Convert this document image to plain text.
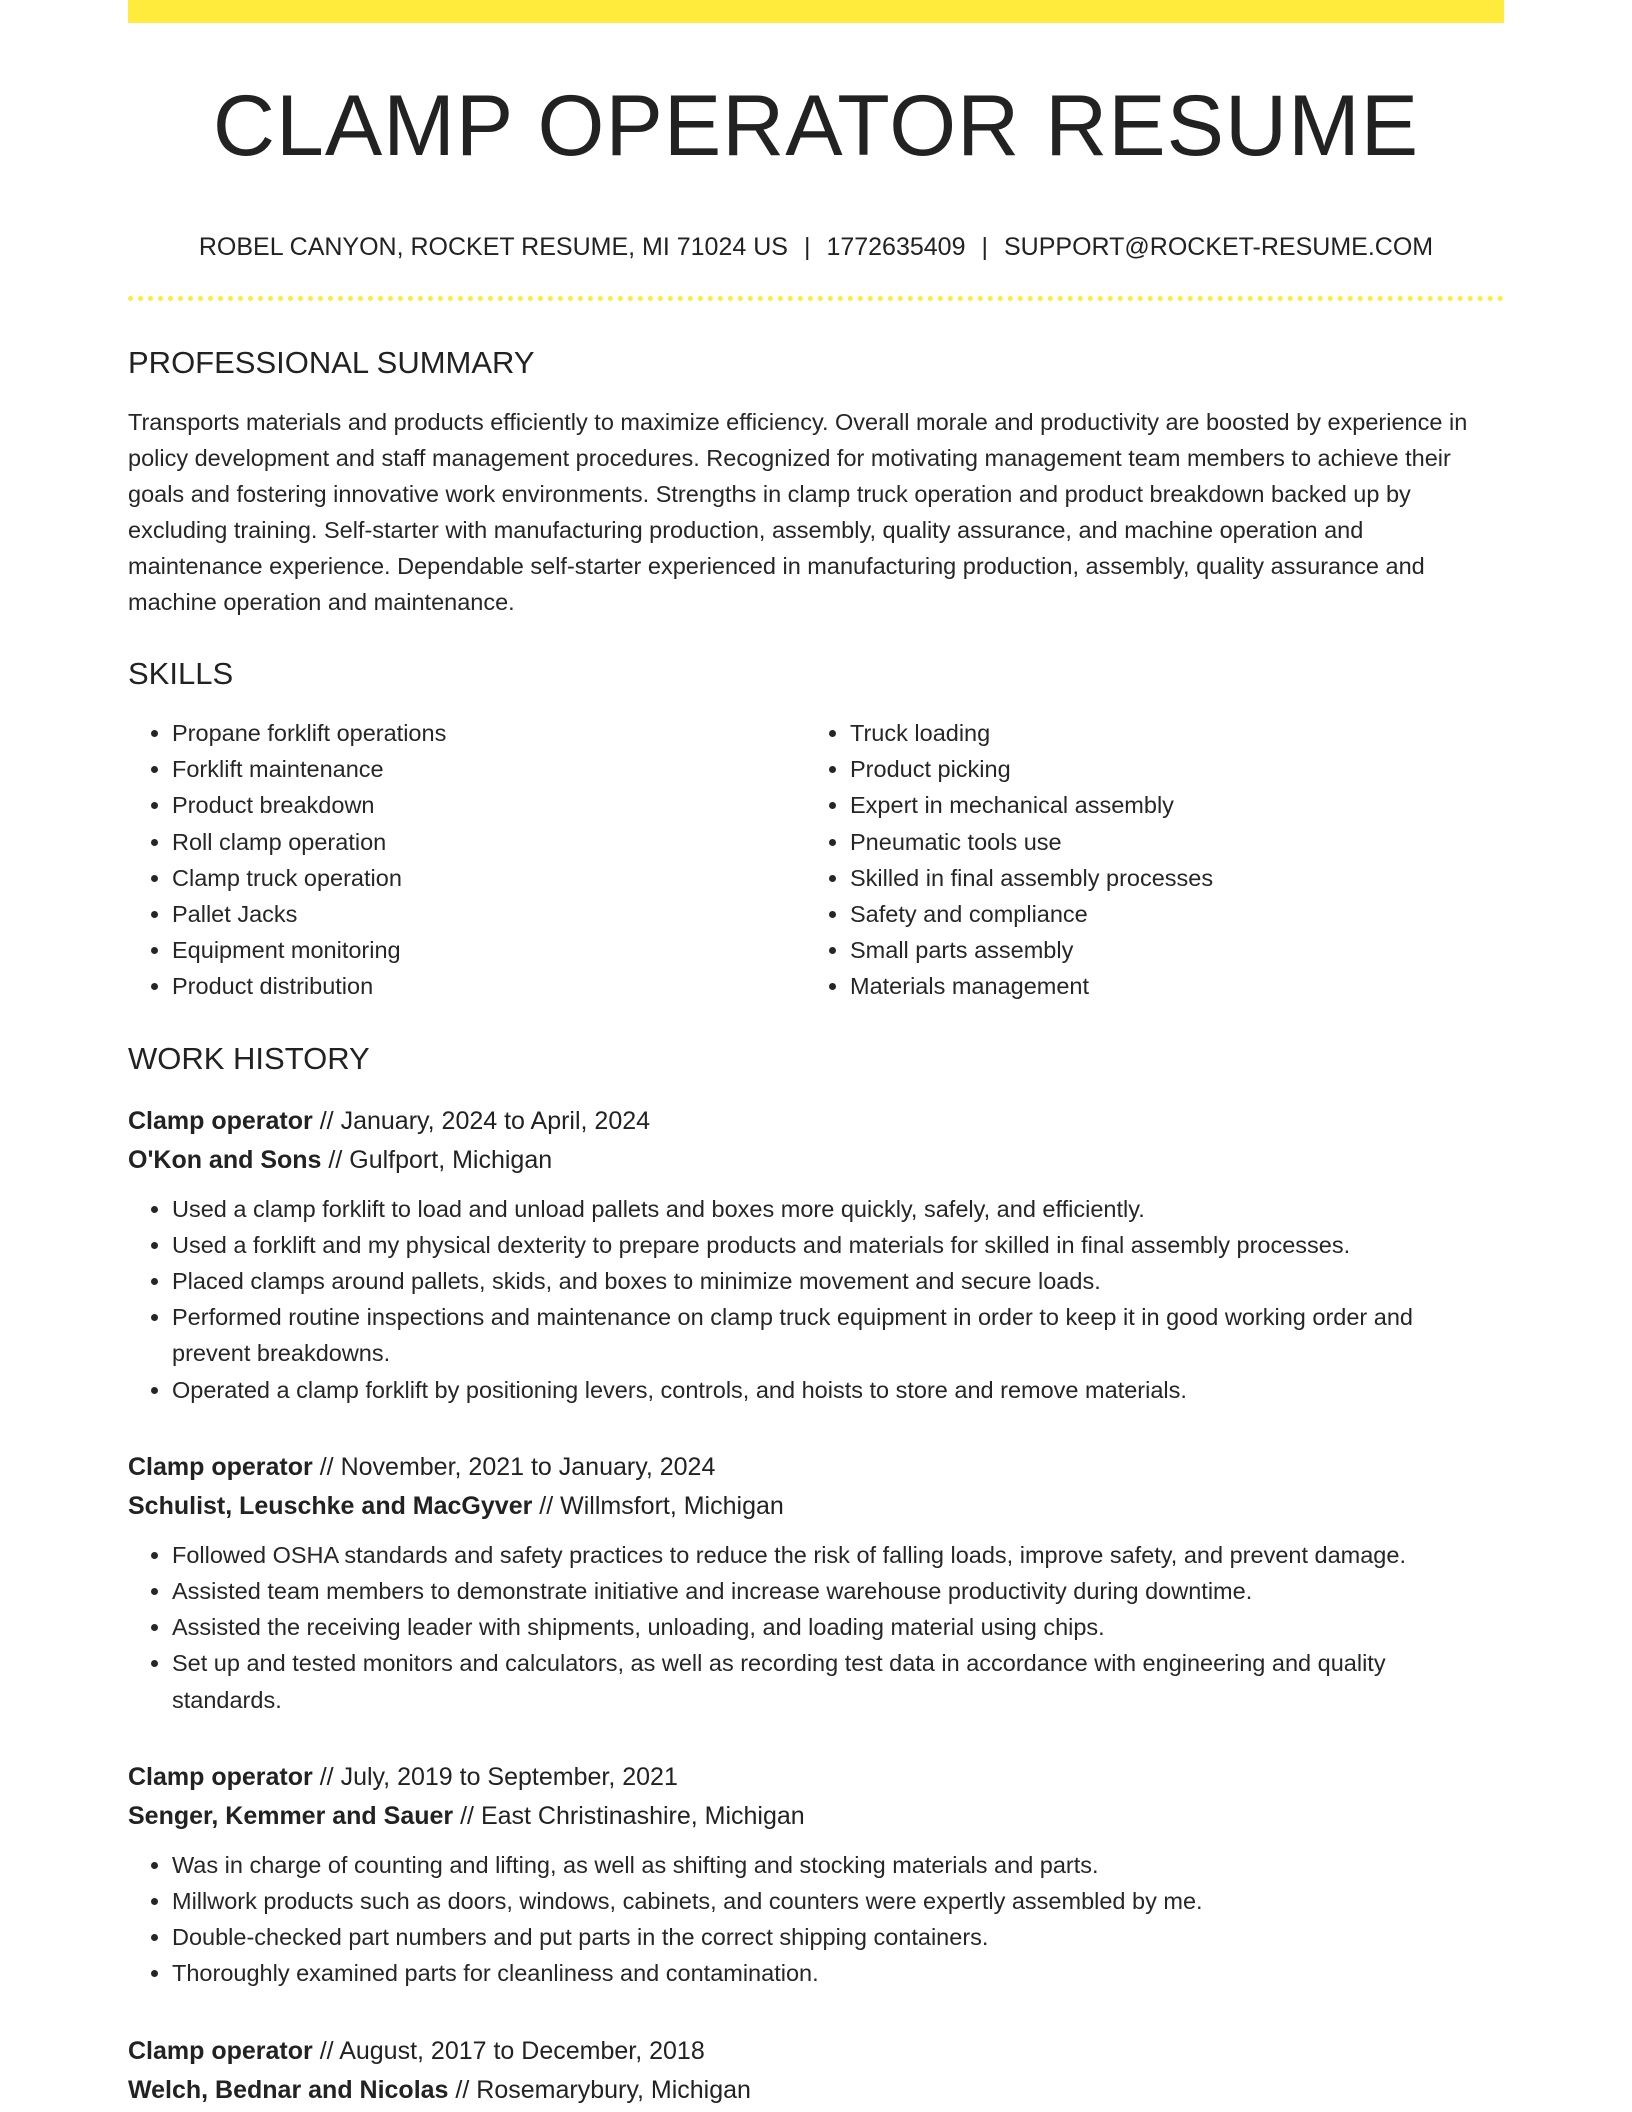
CLAMP OPERATOR RESUME
ROBEL CANYON, ROCKET RESUME, MI 71024 US | 1772635409 | SUPPORT@ROCKET-RESUME.COM
PROFESSIONAL SUMMARY

Transports materials and products efficiently to maximize efficiency. Overall morale and productivity are boosted by experience in policy development and staff management procedures. Recognized for motivating management team members to achieve their goals and fostering innovative work environments. Strengths in clamp truck operation and product breakdown backed up by excluding training. Self-starter with manufacturing production, assembly, quality assurance, and machine operation and maintenance experience. Dependable self-starter experienced in manufacturing production, assembly, quality assurance and machine operation and maintenance.

SKILLS
• Propane forklift operations
• Forklift maintenance
• Product breakdown
• Roll clamp operation
• Clamp truck operation
• Pallet Jacks
• Equipment monitoring
• Product distribution
• Truck loading
• Product picking
• Expert in mechanical assembly
• Pneumatic tools use
• Skilled in final assembly processes
• Safety and compliance
• Small parts assembly
• Materials management
WORK HISTORY
Clamp operator // January, 2024 to April, 2024
O'Kon and Sons // Gulfport, Michigan
• Used a clamp forklift to load and unload pallets and boxes more quickly, safely, and efficiently.
• Used a forklift and my physical dexterity to prepare products and materials for skilled in final assembly processes.
• Placed clamps around pallets, skids, and boxes to minimize movement and secure loads.
• Performed routine inspections and maintenance on clamp truck equipment in order to keep it in good working order and prevent breakdowns.
• Operated a clamp forklift by positioning levers, controls, and hoists to store and remove materials.
Clamp operator // November, 2021 to January, 2024
Schulist, Leuschke and MacGyver // Willmsfort, Michigan
• Followed OSHA standards and safety practices to reduce the risk of falling loads, improve safety, and prevent damage.
• Assisted team members to demonstrate initiative and increase warehouse productivity during downtime.
• Assisted the receiving leader with shipments, unloading, and loading material using chips.
• Set up and tested monitors and calculators, as well as recording test data in accordance with engineering and quality standards.
Clamp operator // July, 2019 to September, 2021
Senger, Kemmer and Sauer // East Christinashire, Michigan
• Was in charge of counting and lifting, as well as shifting and stocking materials and parts.
• Millwork products such as doors, windows, cabinets, and counters were expertly assembled by me.
• Double-checked part numbers and put parts in the correct shipping containers.
• Thoroughly examined parts for cleanliness and contamination.
Clamp operator // August, 2017 to December, 2018
Welch, Bednar and Nicolas // Rosemarybury, Michigan
